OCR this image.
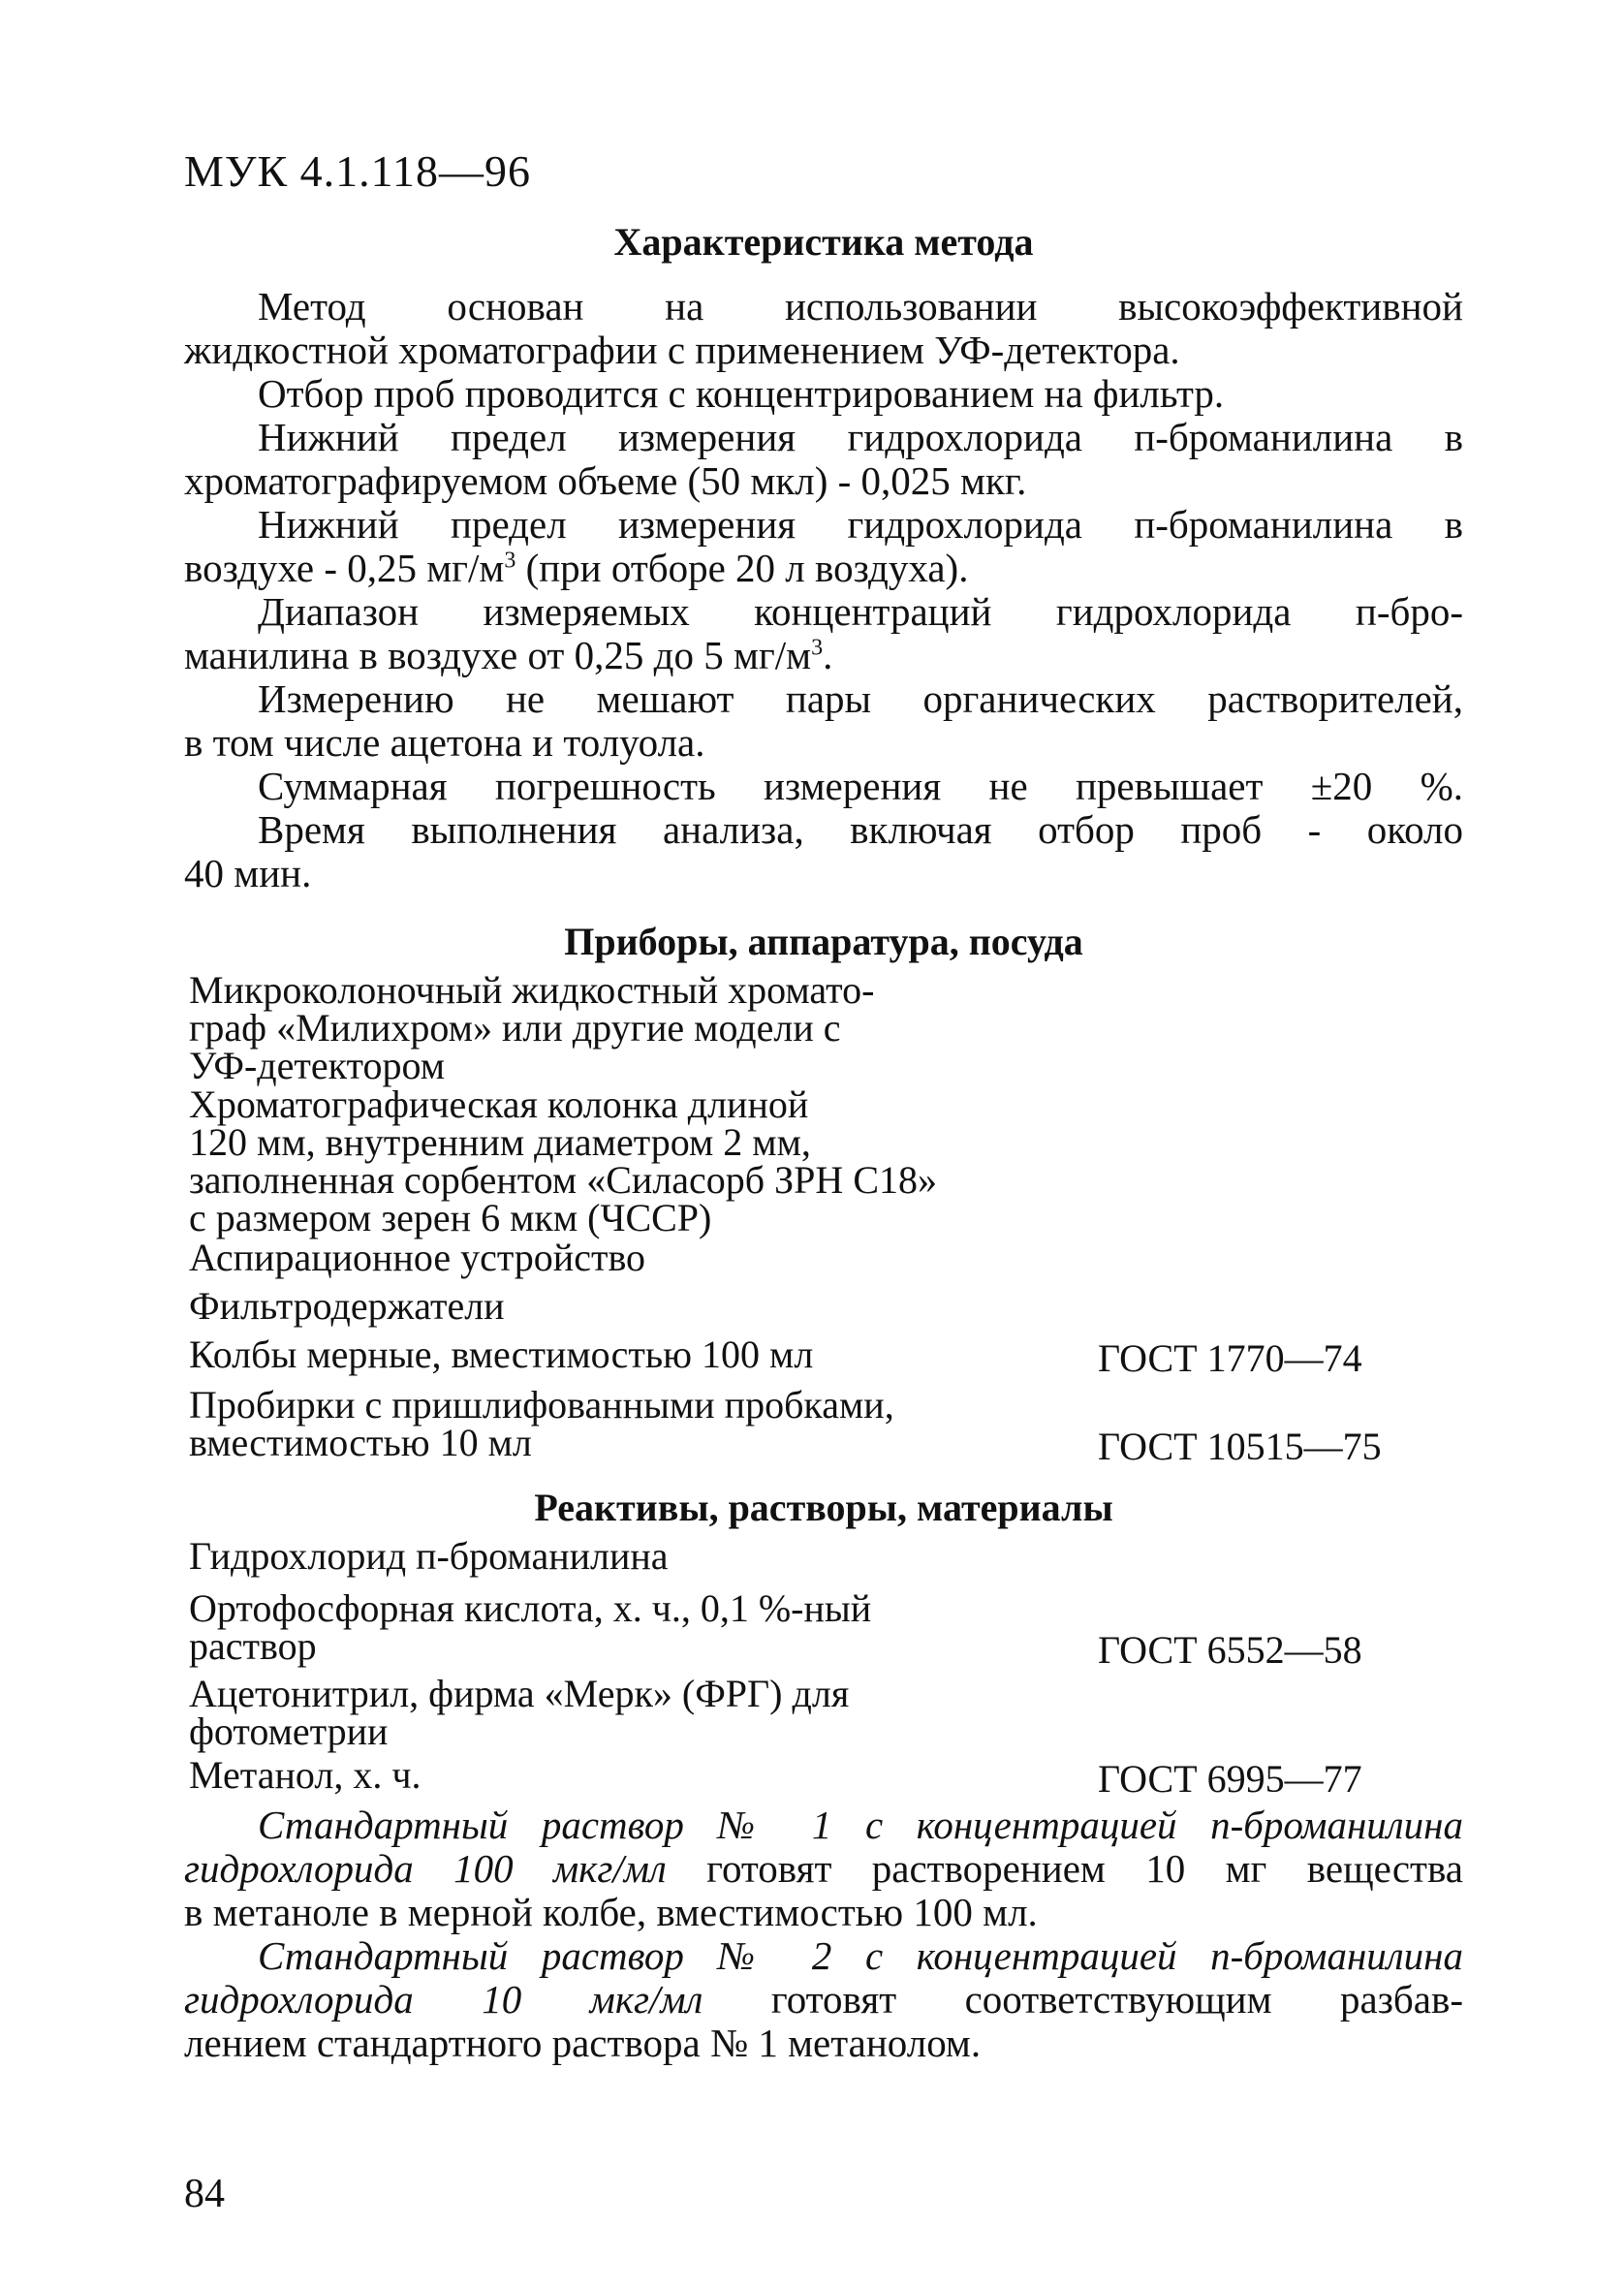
МУК 4.1.118—96
Характеристика метода
Метод основан на использовании высокоэффективной
жидкостной хроматографии с применением УФ-детектора.
Отбор проб проводится с концентрированием на фильтр.
Нижний предел измерения гидрохлорида п-броманилина в
хроматографируемом объеме (50 мкл) - 0,025 мкг.
Нижний предел измерения гидрохлорида п-броманилина в
воздухе - 0,25 $мг/м^3$ (при отборе 20 л воздуха).
Диапазон измеряемых концентраций гидрохлорида п-бро-
манилина в воздухе от 0,25 до 5 $мг/м^3$.
Измерению не мешают пары органических растворителей,
в том числе ацетона и толуола.
Суммарная погрешность измерения не превышает ±20 %.
Время выполнения анализа, включая отбор проб - около
40 мин.
Приборы, аппаратура, посуда
Микроколоночный жидкостный хромато-
граф «Милихром» или другие модели с
УФ-детектором
Хроматографическая колонка длиной
120 мм, внутренним диаметром 2 мм,
заполненная сорбентом «Силасорб ЗРН С18»
с размером зерен 6 мкм (ЧССР)
Аспирационное устройство
Фильтродержатели
Колбы мерные, вместимостью 100 мл	ГОСТ 1770—74
Пробирки с пришлифованными пробками,
вместимостью 10 мл	ГОСТ 10515—75
Реактивы, растворы, материалы
Гидрохлорид п-броманилина
Ортофосфорная кислота, х. ч., 0,1 %-ный
раствор	ГОСТ 6552—58
Ацетонитрил, фирма «Мерк» (ФРГ) для
фотометрии
Метанол, х. ч.	ГОСТ 6995—77
Стандартный раствор № 1 с концентрацией п-броманилина
гидрохлорида 100 мкг/мл готовят растворением 10 мг вещества
в метаноле в мерной колбе, вместимостью 100 мл.
Стандартный раствор № 2 с концентрацией п-броманилина
гидрохлорида 10 мкг/мл готовят соответствующим разбав-
лением стандартного раствора № 1 метанолом.
84
